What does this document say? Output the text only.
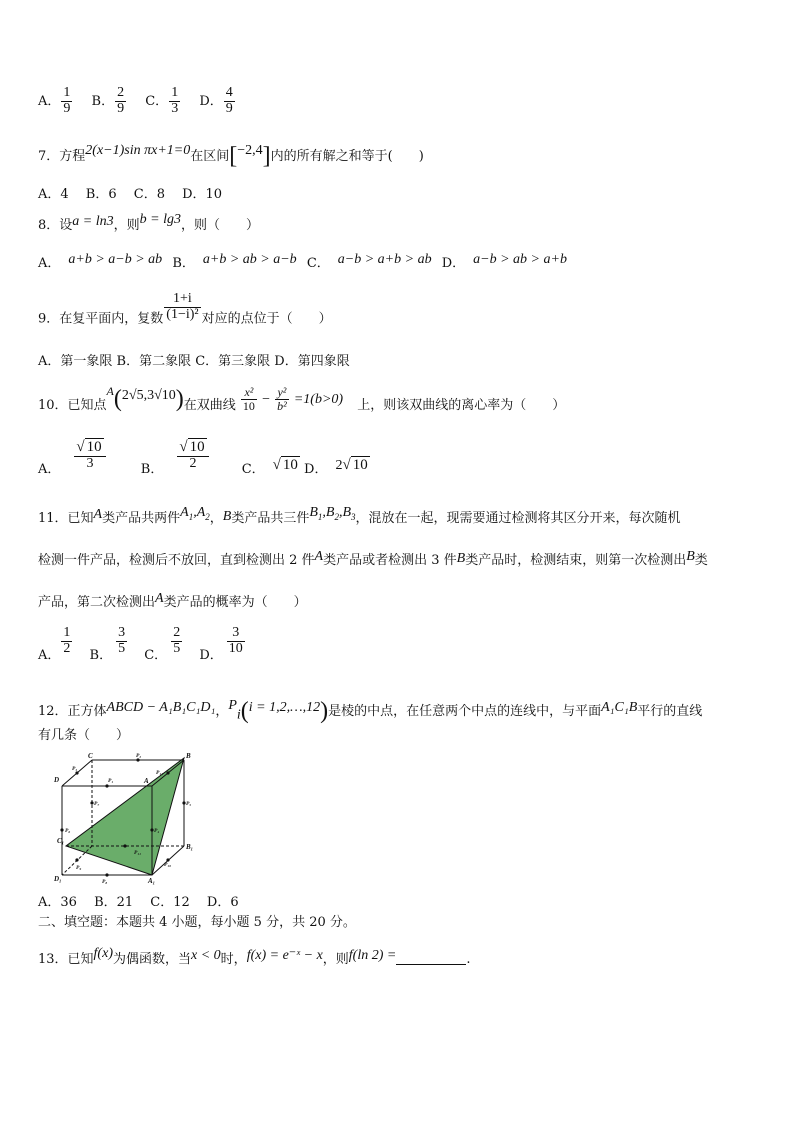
A． $\frac{1}{9}$ B． $\frac{2}{9}$ C． $\frac{1}{3}$ D． $\frac{4}{9}$
7．方程2(x−1)sin πx+1=0在区间[−2,4]内的所有解之和等于(　　)
A．4　 B．6　 C．8　 D．10
8．设a = ln3，则b = lg3，则（　　）
A． a+b > a−b > ab B． a+b > ab > a−b C． a−b > a+b > ab D． a−b > ab > a+b
9．在复平面内，复数 $\frac{1+i}{\text{(1−i)²}}$ 对应的点位于（　　）
A．第一象限 B．第二象限 C．第三象限 D．第四象限
10．已知点A(2√5,3√10)在双曲线 $\frac{\text{x²}}{10} - \frac{\text{y²}}{\text{b²}} =1(b>0)$ 上，则该双曲线的离心率为（　　）
A． $\frac{√ 10}{3}$	B． $\frac{√ 10}{2}$	C． √ 10 D． 2√ 10
11．已知A类产品共两件$A_1,A_2$，B类产品共三件$B_1,B_2,B_3$，混放在一起，现需要通过检测将其区分开来，每次随机
检测一件产品，检测后不放回，直到检测出 2 件A类产品或者检测出 3 件B类产品时，检测结束，则第一次检测出B类
产品，第二次检测出A类产品的概率为（　　）
A． $\frac{1}{2}$ B． $\frac{3}{5}$ C． $\frac{2}{5}$ D． $\frac{3}{10}$
12．正方体ABCD − A₁B₁C₁D₁，$P_i(i$ = 1,2,…,12)是棱的中点，在任意两个中点的连线中，与平面A₁C₁B平行的直线
有几条（　　）
C	B
D	A
C₁
B₁
D₁	A₁
P₂
P₁
P₃
P₁₂
P₅
P₇
P₆	P₄
P₁₁
P₁₀
P₉
P₈
A．36　 B．21　 C．12　 D．6
二、填空题：本题共 4 小题，每小题 5 分，共 20 分。
13．已知f(x)为偶函数，当x < 0时，f(x) = e⁻ˣ − x，则f(ln 2) =	.
